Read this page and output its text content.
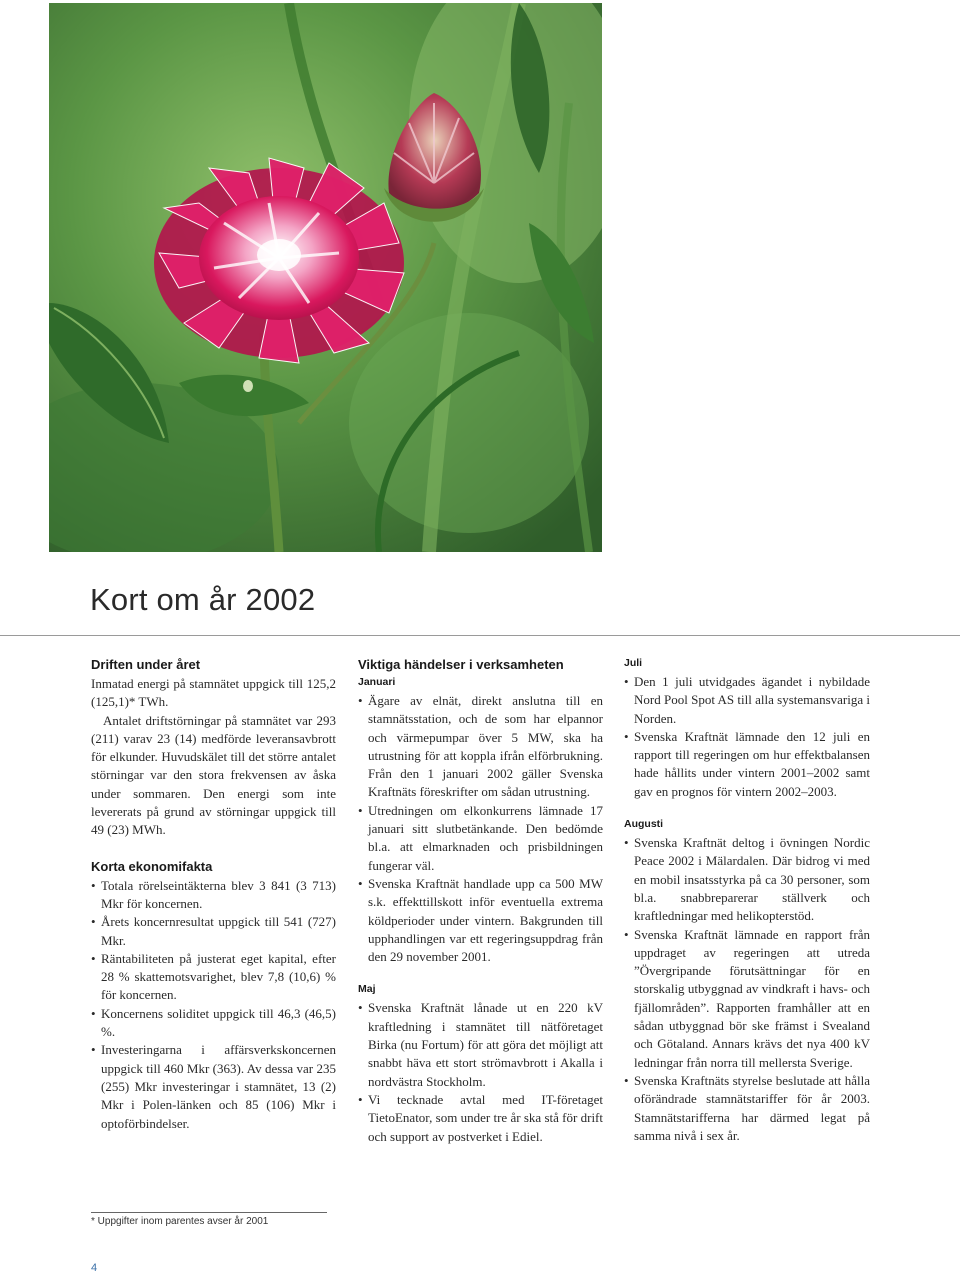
Kort om år 2002
Driften under året

Inmatad energi på stamnätet uppgick till 125,2 (125,1)* TWh.

Antalet driftstörningar på stamnätet var 293 (211) varav 23 (14) medförde leveransavbrott för elkunder. Huvudskälet till det större antalet störningar var den stora frekvensen av åska under sommaren. Den energi som inte levererats på grund av störningar uppgick till 49 (23) MWh.

Korta ekonomifakta
• Totala rörelseintäkterna blev 3 841 (3 713) Mkr för koncernen.
• Årets koncernresultat uppgick till 541 (727) Mkr.
• Räntabiliteten på justerat eget kapital, efter 28 % skattemotsvarighet, blev 7,8 (10,6) % för koncernen.
• Koncernens soliditet uppgick till 46,3 (46,5) %.
• Investeringarna i affärsverkskoncernen uppgick till 460 Mkr (363). Av dessa var 235 (255) Mkr investeringar i stamnätet, 13 (2) Mkr i Polen-länken och 85 (106) Mkr i optoförbindelser.
Viktiga händelser i verksamheten
Januari
• Ägare av elnät, direkt anslutna till en stamnätsstation, och de som har elpannor och värmepumpar över 5 MW, ska ha utrustning för att koppla ifrån elförbrukning. Från den 1 januari 2002 gäller Svenska Kraftnäts föreskrifter om sådan utrustning.
• Utredningen om elkonkurrens lämnade 17 januari sitt slutbetänkande. Den bedömde bl.a. att elmarknaden och prisbildningen fungerar väl.
• Svenska Kraftnät handlade upp ca 500 MW s.k. effekttillskott inför eventuella extrema köldperioder under vintern. Bakgrunden till upphandlingen var ett regeringsuppdrag från den 29 november 2001.
Maj
• Svenska Kraftnät lånade ut en 220 kV kraftledning i stamnätet till nätföretaget Birka (nu Fortum) för att göra det möjligt att snabbt häva ett stort strömavbrott i Akalla i nordvästra Stockholm.
• Vi tecknade avtal med IT-företaget TietoEnator, som under tre år ska stå för drift och support av postverket i Ediel.
Juli
• Den 1 juli utvidgades ägandet i nybildade Nord Pool Spot AS till alla systemansvariga i Norden.
• Svenska Kraftnät lämnade den 12 juli en rapport till regeringen om hur effektbalansen hade hållits under vintern 2001–2002 samt gav en prognos för vintern 2002–2003.
Augusti
• Svenska Kraftnät deltog i övningen Nordic Peace 2002 i Mälardalen. Där bidrog vi med en mobil insatsstyrka på ca 30 personer, som bl.a. snabbreparerar ställverk och kraftledningar med helikopterstöd.
• Svenska Kraftnät lämnade en rapport från uppdraget av regeringen att utreda ”Övergripande förutsättningar för en storskalig utbyggnad av vindkraft i havs- och fjällområden”. Rapporten framhåller att en sådan utbyggnad bör ske främst i Svealand och Götaland. Annars krävs det nya 400 kV ledningar från norra till mellersta Sverige.
• Svenska Kraftnäts styrelse beslutade att hålla oförändrade stamnätstariffer för år 2003. Stamnätstarifferna har därmed legat på samma nivå i sex år.
* Uppgifter inom parentes avser år 2001
4
